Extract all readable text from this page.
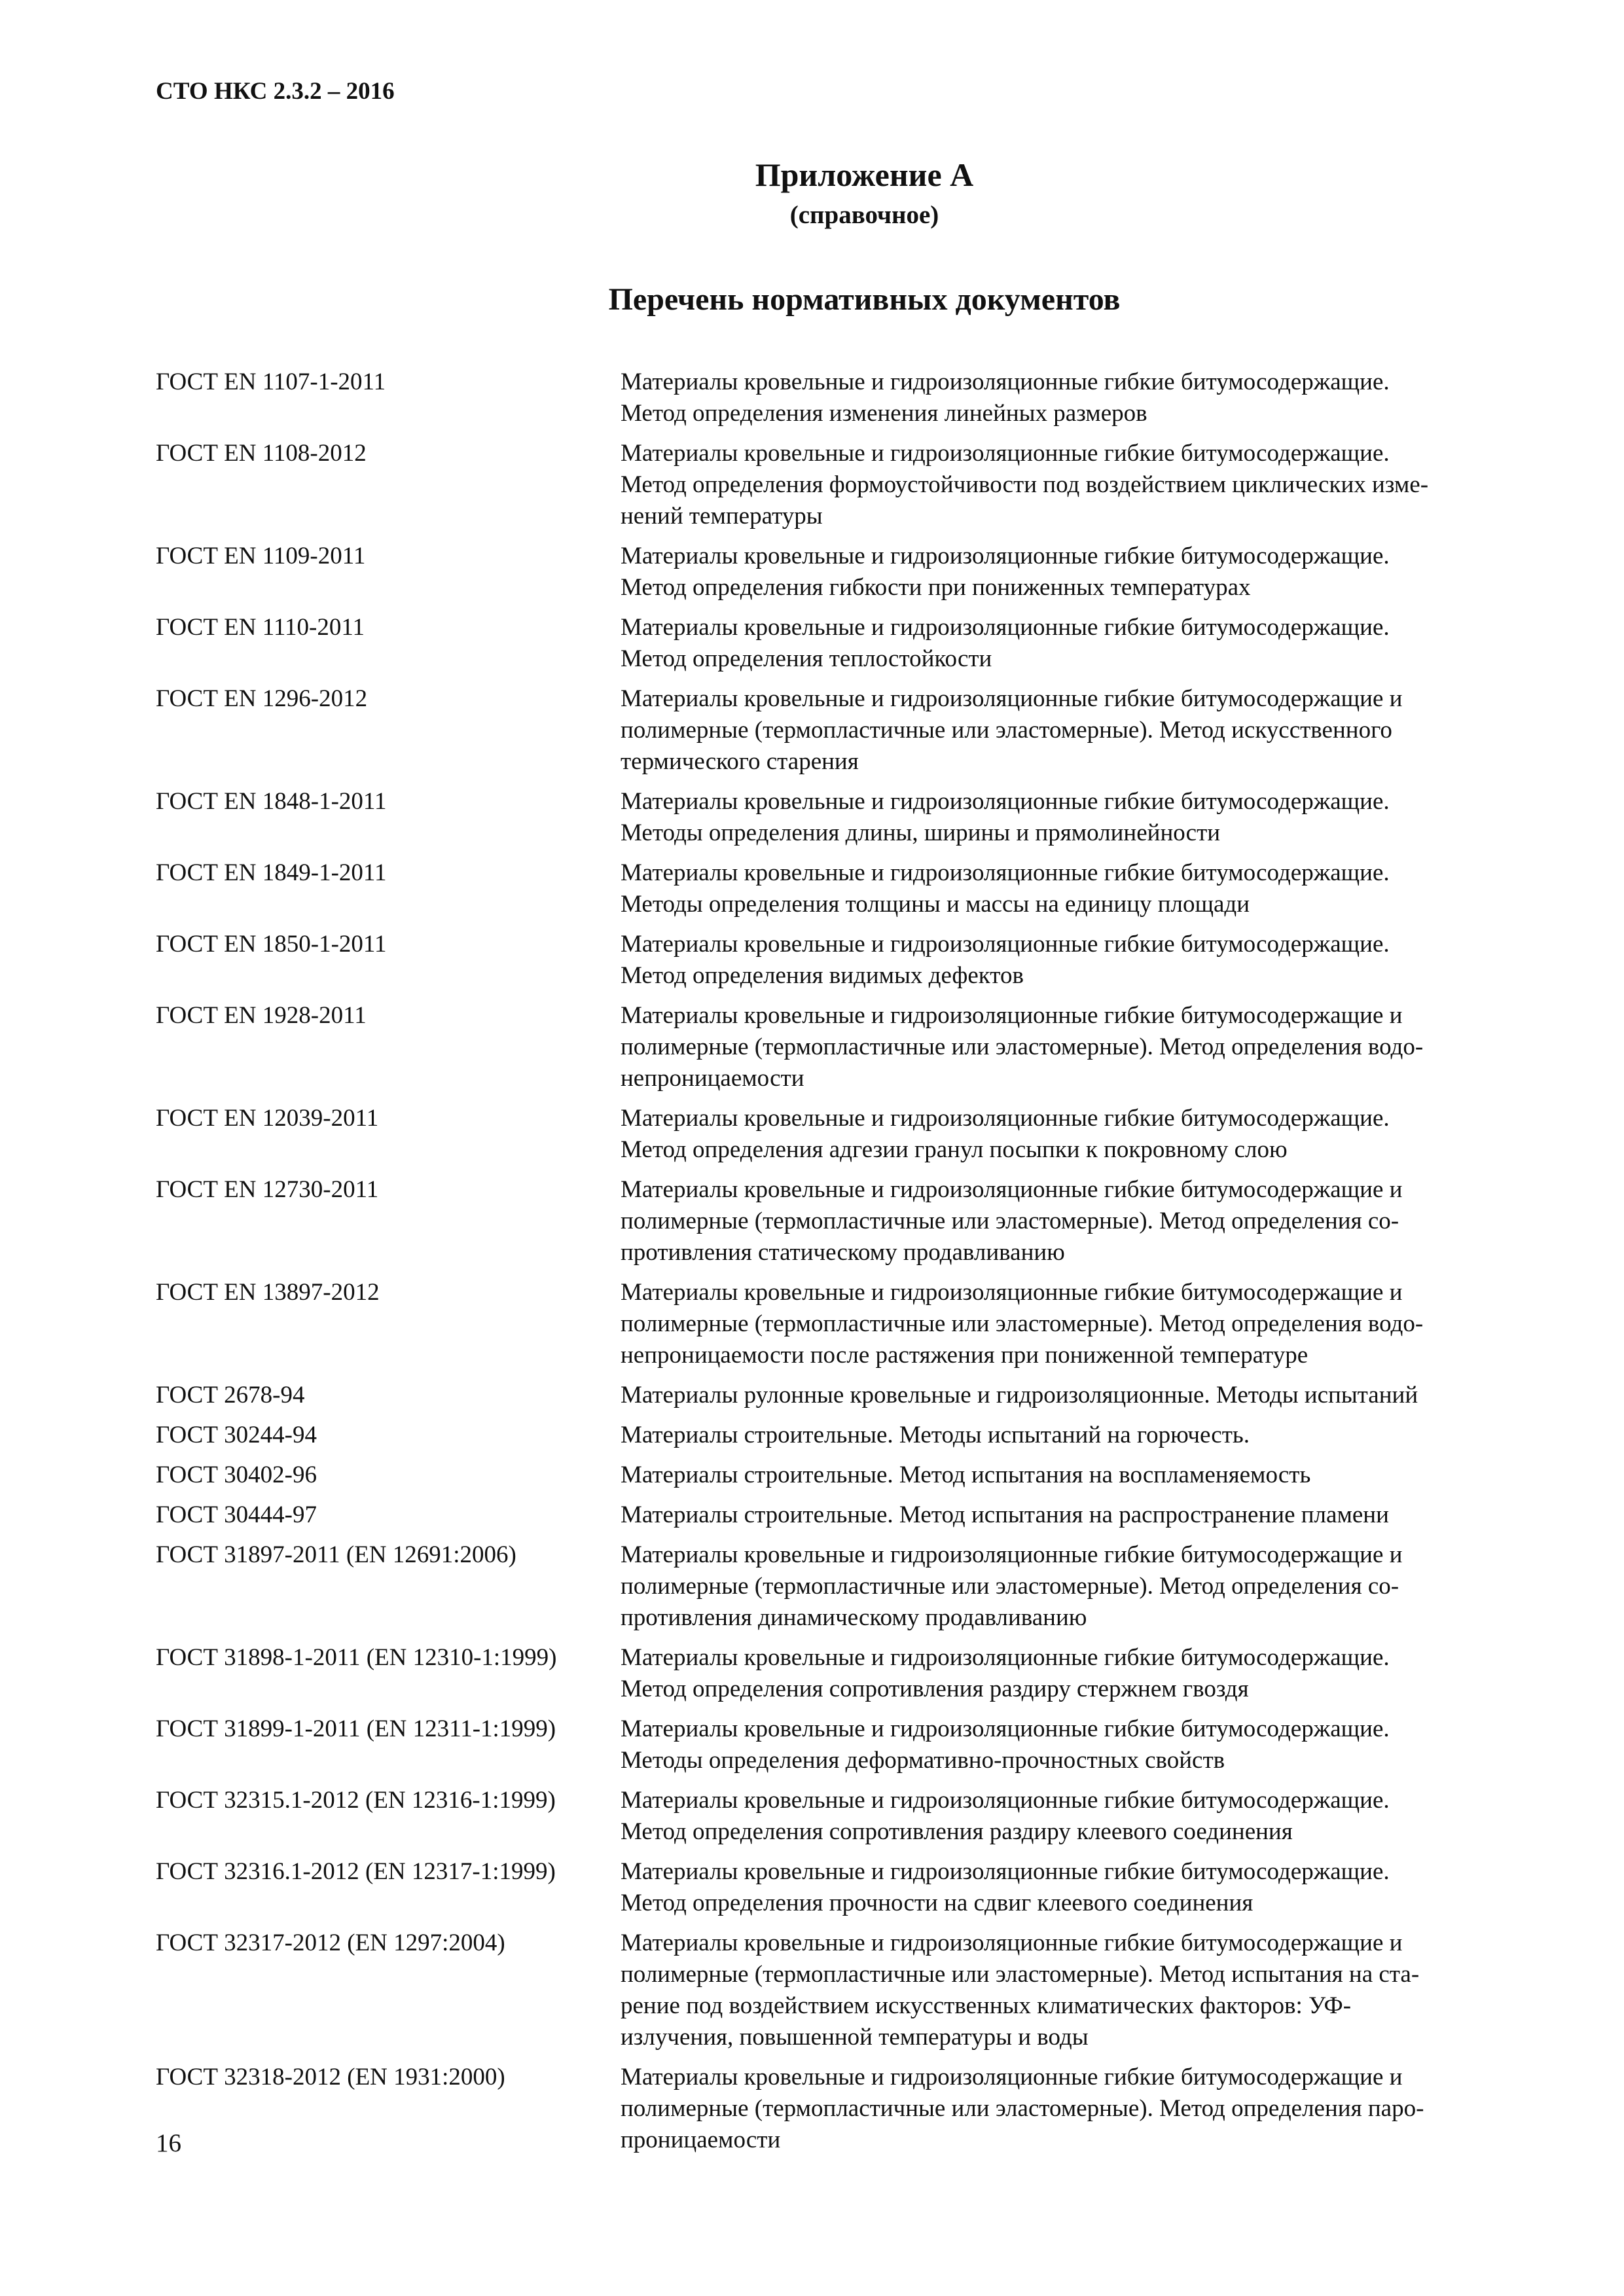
СТО НКС 2.3.2 – 2016
Приложение А
(справочное)
Перечень нормативных документов
ГОСТ EN 1107-1-2011	Материалы кровельные и гидроизоляционные гибкие битумосодержащие.
Метод определения изменения линейных размеров
ГОСТ EN 1108-2012	Материалы кровельные и гидроизоляционные гибкие битумосодержащие.
Метод определения формоустойчивости под воздействием циклических изме-
нений температуры
ГОСТ EN 1109-2011	Материалы кровельные и гидроизоляционные гибкие битумосодержащие.
Метод определения гибкости при пониженных температурах
ГОСТ EN 1110-2011	Материалы кровельные и гидроизоляционные гибкие битумосодержащие.
Метод определения теплостойкости
ГОСТ EN 1296-2012	Материалы кровельные и гидроизоляционные гибкие битумосодержащие и
полимерные (термопластичные или эластомерные). Метод искусственного
термического старения
ГОСТ EN 1848-1-2011	Материалы кровельные и гидроизоляционные гибкие битумосодержащие.
Методы определения длины, ширины и прямолинейности
ГОСТ EN 1849-1-2011	Материалы кровельные и гидроизоляционные гибкие битумосодержащие.
Методы определения толщины и массы на единицу площади
ГОСТ EN 1850-1-2011	Материалы кровельные и гидроизоляционные гибкие битумосодержащие.
Метод определения видимых дефектов
ГОСТ EN 1928-2011	Материалы кровельные и гидроизоляционные гибкие битумосодержащие и
полимерные (термопластичные или эластомерные). Метод определения водо-
непроницаемости
ГОСТ EN 12039-2011	Материалы кровельные и гидроизоляционные гибкие битумосодержащие.
Метод определения адгезии гранул посыпки к покровному слою
ГОСТ EN 12730-2011	Материалы кровельные и гидроизоляционные гибкие битумосодержащие и
полимерные (термопластичные или эластомерные). Метод определения со-
противления статическому продавливанию
ГОСТ EN 13897-2012	Материалы кровельные и гидроизоляционные гибкие битумосодержащие и
полимерные (термопластичные или эластомерные). Метод определения водо-
непроницаемости после растяжения при пониженной температуре
ГОСТ 2678-94	Материалы рулонные кровельные и гидроизоляционные. Методы испытаний
ГОСТ 30244-94	Материалы строительные. Методы испытаний на горючесть.
ГОСТ 30402-96	Материалы строительные. Метод испытания на воспламеняемость
ГОСТ 30444-97	Материалы строительные. Метод испытания на распространение пламени
ГОСТ 31897-2011 (EN 12691:2006)	Материалы кровельные и гидроизоляционные гибкие битумосодержащие и
полимерные (термопластичные или эластомерные). Метод определения со-
противления динамическому продавливанию
ГОСТ 31898-1-2011 (EN 12310-1:1999)	Материалы кровельные и гидроизоляционные гибкие битумосодержащие.
Метод определения сопротивления раздиру стержнем гвоздя
ГОСТ 31899-1-2011 (EN 12311-1:1999)	Материалы кровельные и гидроизоляционные гибкие битумосодержащие.
Методы определения деформативно-прочностных свойств
ГОСТ 32315.1-2012 (EN 12316-1:1999)	Материалы кровельные и гидроизоляционные гибкие битумосодержащие.
Метод определения сопротивления раздиру клеевого соединения
ГОСТ 32316.1-2012 (EN 12317-1:1999)	Материалы кровельные и гидроизоляционные гибкие битумосодержащие.
Метод определения прочности на сдвиг клеевого соединения
ГОСТ 32317-2012 (EN 1297:2004)	Материалы кровельные и гидроизоляционные гибкие битумосодержащие и
полимерные (термопластичные или эластомерные). Метод испытания на ста-
рение под воздействием искусственных климатических факторов: УФ-
излучения, повышенной температуры и воды
ГОСТ 32318-2012 (EN 1931:2000)	Материалы кровельные и гидроизоляционные гибкие битумосодержащие и
полимерные (термопластичные или эластомерные). Метод определения паро-
проницаемости
16
